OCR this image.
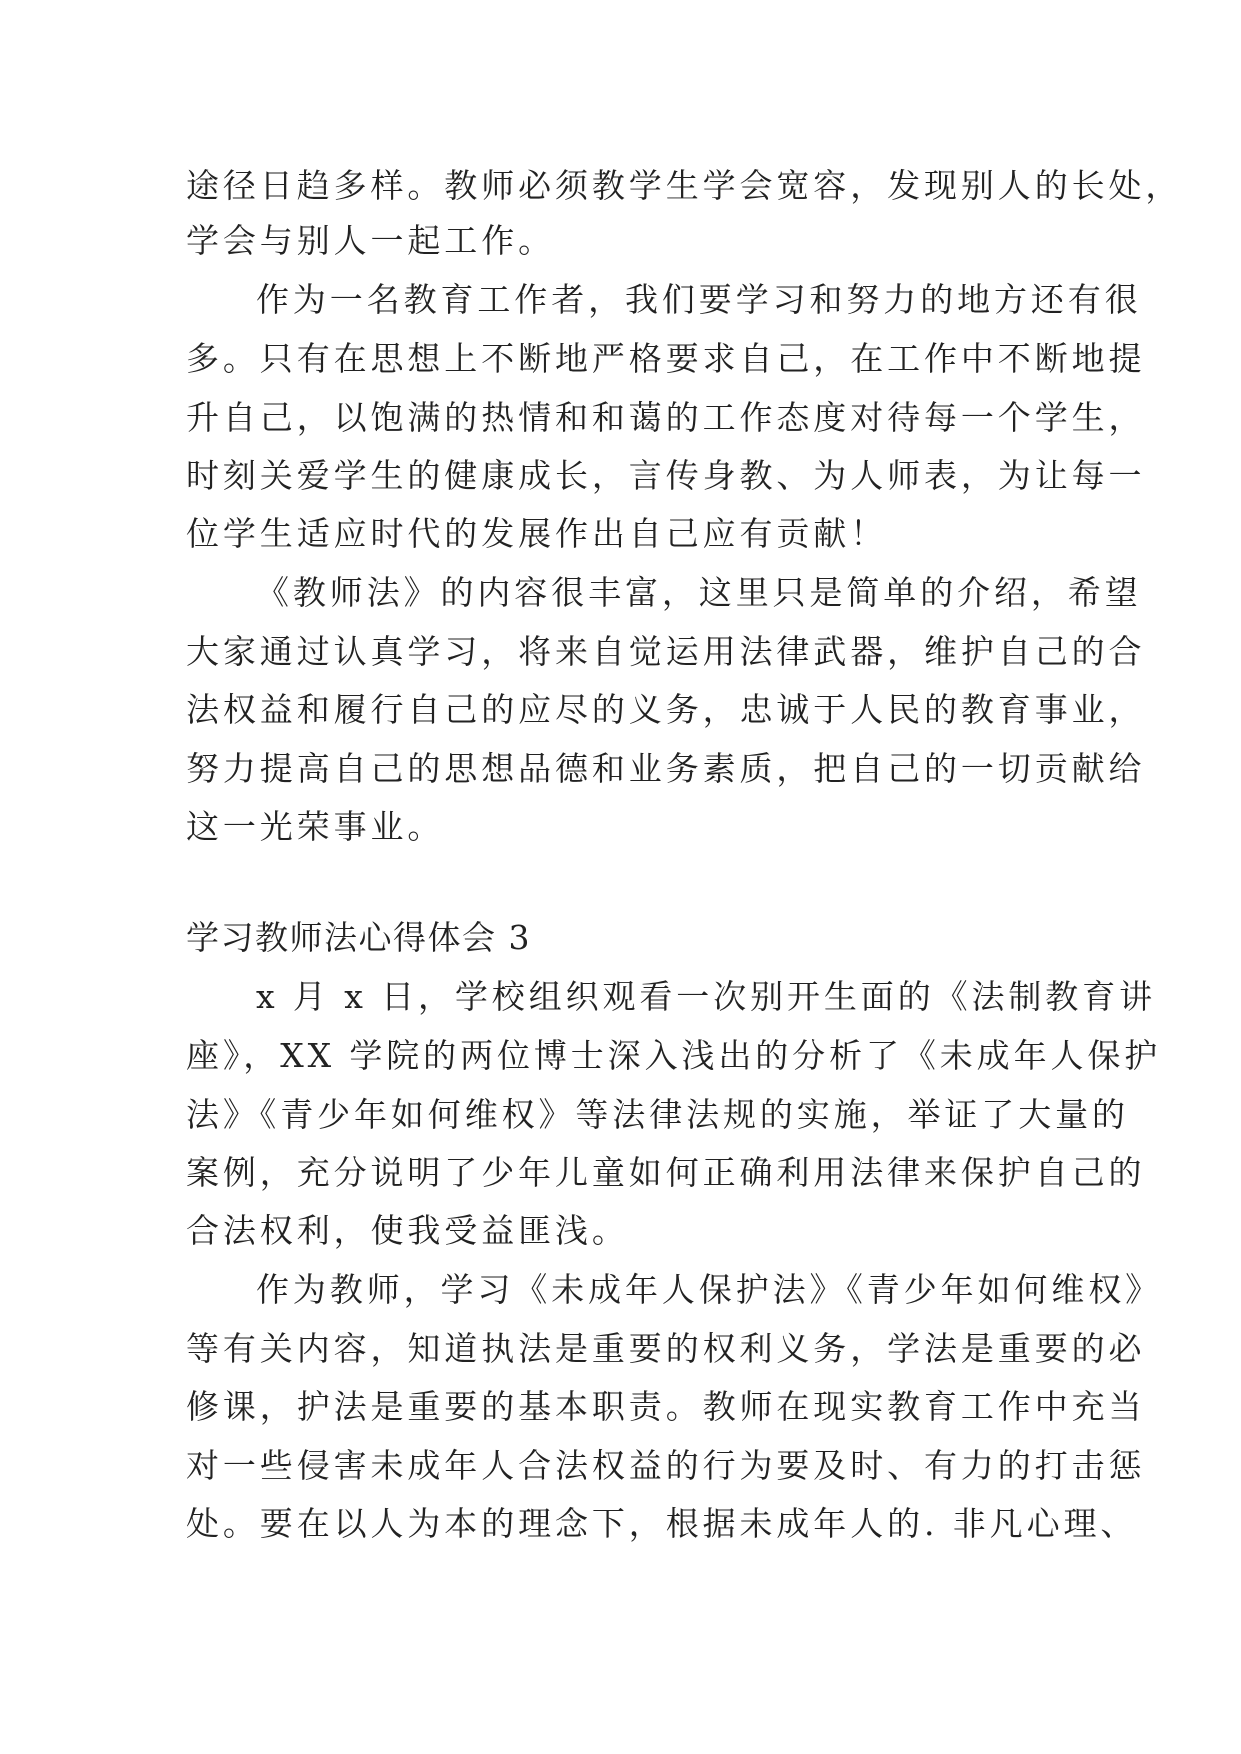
途径日趋多样。教师必须教学生学会宽容，发现别人的长处，
学会与别人一起工作。
作为一名教育工作者，我们要学习和努力的地方还有很
多。只有在思想上不断地严格要求自己，在工作中不断地提
升自己，以饱满的热情和和蔼的工作态度对待每一个学生，
时刻关爱学生的健康成长，言传身教、为人师表，为让每一
位学生适应时代的发展作出自己应有贡献！
《教师法》的内容很丰富，这里只是简单的介绍，希望
大家通过认真学习，将来自觉运用法律武器，维护自己的合
法权益和履行自己的应尽的义务，忠诚于人民的教育事业，
努力提高自己的思想品德和业务素质，把自己的一切贡献给
这一光荣事业。
学习教师法心得体会 3
x 月 x 日，学校组织观看一次别开生面的《法制教育讲
座》，XX 学院的两位博士深入浅出的分析了《未成年人保护
法》《青少年如何维权》等法律法规的实施，举证了大量的
案例，充分说明了少年儿童如何正确利用法律来保护自己的
合法权利，使我受益匪浅。
作为教师，学习《未成年人保护法》《青少年如何维权》
等有关内容，知道执法是重要的权利义务，学法是重要的必
修课，护法是重要的基本职责。教师在现实教育工作中充当
对一些侵害未成年人合法权益的行为要及时、有力的打击惩
处。要在以人为本的理念下，根据未成年人的. 非凡心理、
